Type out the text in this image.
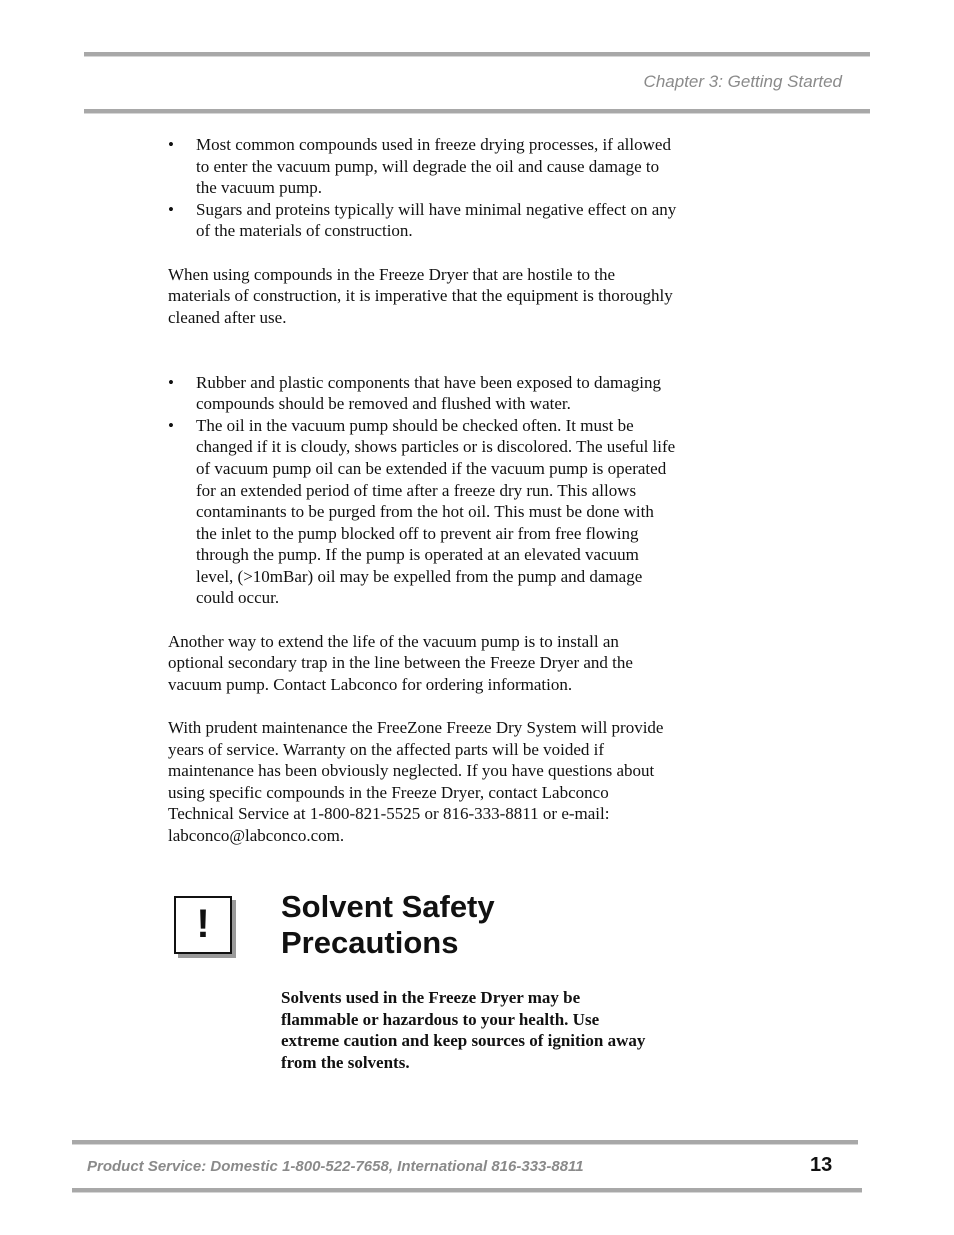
Chapter 3: Getting Started
• Most common compounds used in freeze drying processes, if allowed to enter the vacuum pump, will degrade the oil and cause damage to the vacuum pump.
• Sugars and proteins typically will have minimal negative effect on any of the materials of construction.

When using compounds in the Freeze Dryer that are hostile to the materials of construction, it is imperative that the equipment is thoroughly cleaned after use.

• Rubber and plastic components that have been exposed to damaging compounds should be removed and flushed with water.
• The oil in the vacuum pump should be checked often. It must be changed if it is cloudy, shows particles or is discolored. The useful life of vacuum pump oil can be extended if the vacuum pump is operated for an extended period of time after a freeze dry run. This allows contaminants to be purged from the hot oil. This must be done with the inlet to the pump blocked off to prevent air from free flowing through the pump. If the pump is operated at an elevated vacuum level, (>10mBar) oil may be expelled from the pump and damage could occur.

Another way to extend the life of the vacuum pump is to install an optional secondary trap in the line between the Freeze Dryer and the vacuum pump. Contact Labconco for ordering information.

With prudent maintenance the FreeZone Freeze Dry System will provide years of service. Warranty on the affected parts will be voided if maintenance has been obviously neglected. If you have questions about using specific compounds in the Freeze Dryer, contact Labconco Technical Service at 1-800-821-5525 or 816-333-8811 or e-mail: labconco@labconco.com.

!	Solvent Safety
Precautions

Solvents used in the Freeze Dryer may be flammable or hazardous to your health. Use extreme caution and keep sources of ignition away from the solvents.

Product Service: Domestic 1-800-522-7658, International 816-333-8811	13
